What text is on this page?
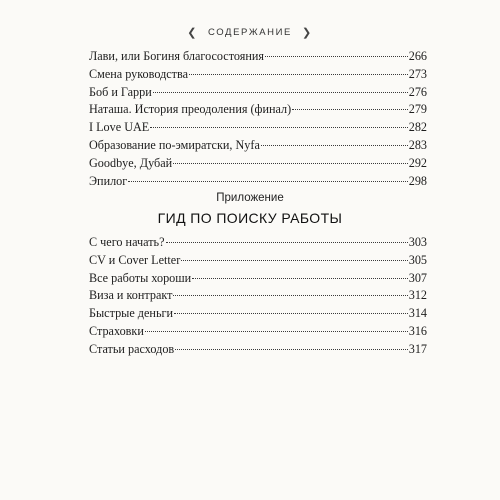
❮ СОДЕРЖАНИЕ ❯
Лави, или Богиня благосостояния	266
Смена руководства	273
Боб и Гарри	276
Наташа. История преодоления (финал)	279
I Love UAE	282
Образование по-эмиратски, Nyfa	283
Goodbye, Дубай	292
Эпилог	298
Приложение
ГИД ПО ПОИСКУ РАБОТЫ
С чего начать?	303
CV и Cover Letter	305
Все работы хороши	307
Виза и контракт	312
Быстрые деньги	314
Страховки	316
Статьи расходов	317
